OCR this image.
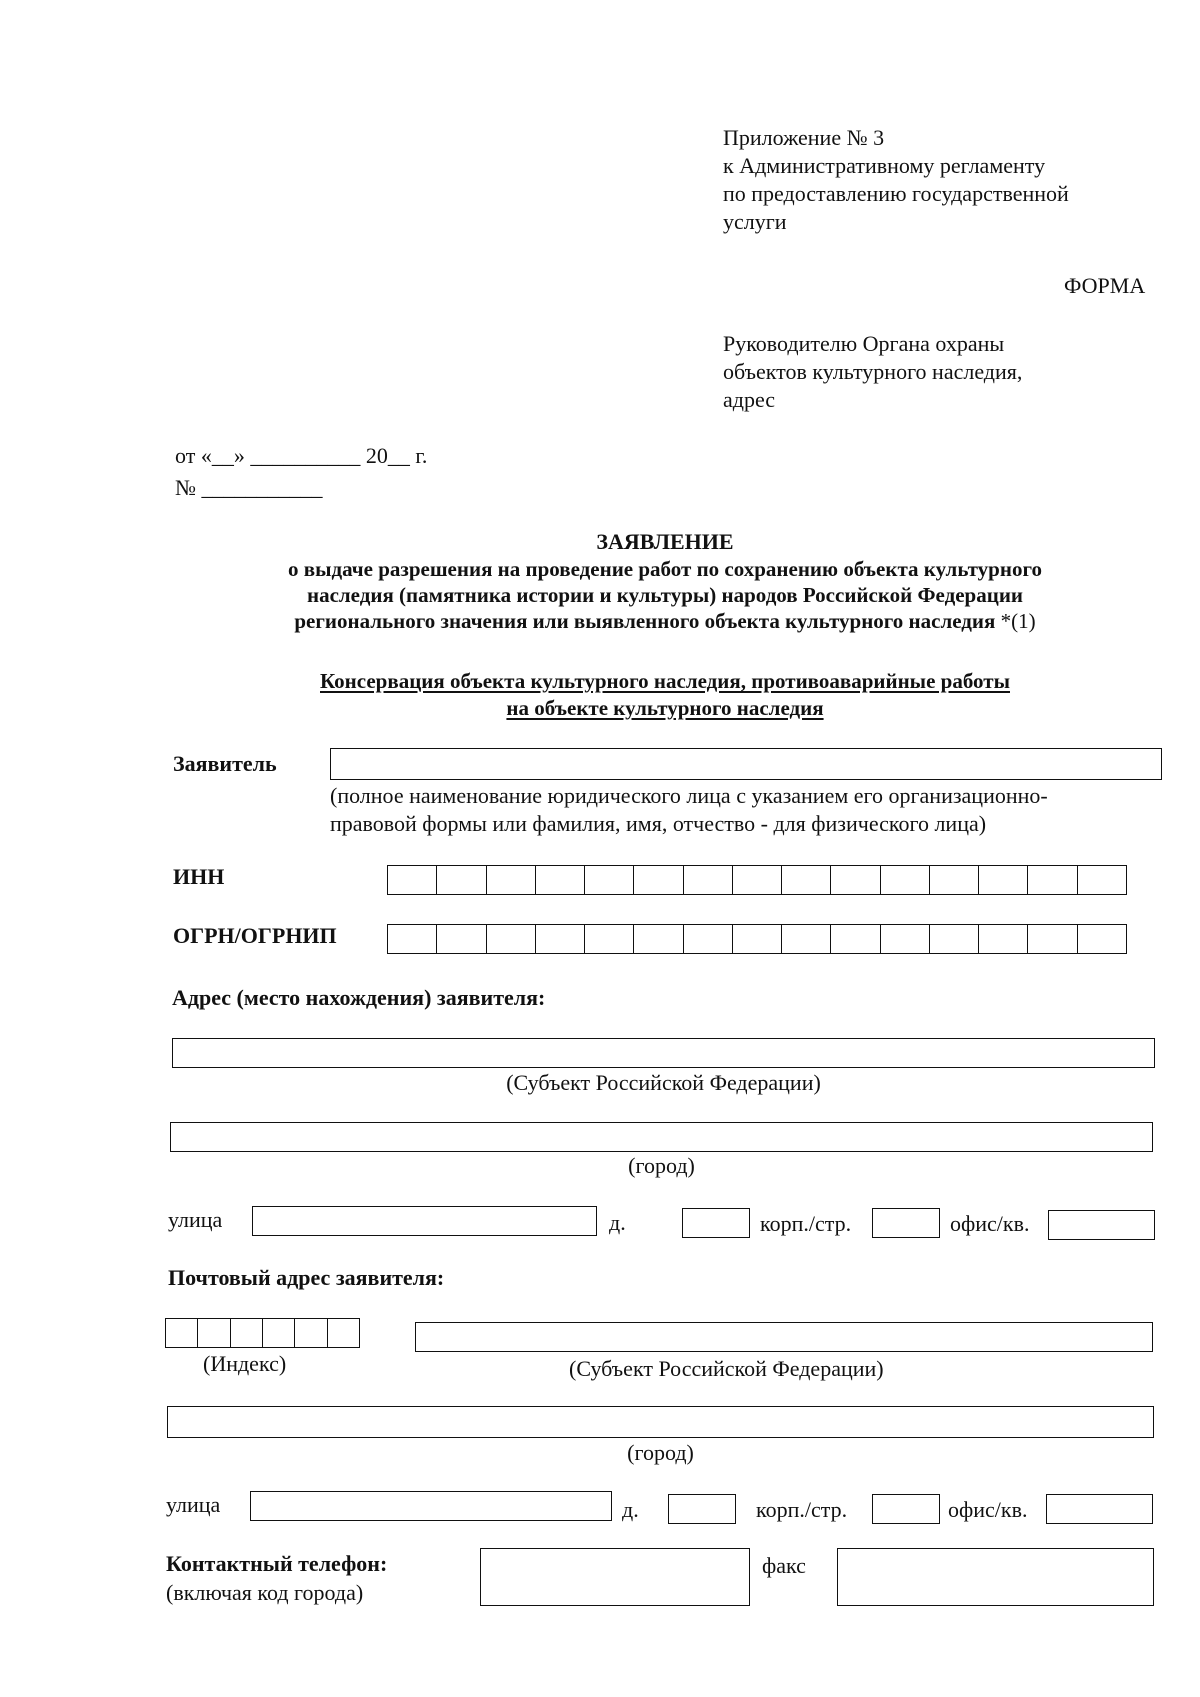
Приложение № 3
к Административному регламенту
по предоставлению государственной
услуги
ФОРМА
Руководителю Органа охраны
объектов культурного наследия,
адрес
от «__» __________ 20__ г.
№ ___________
ЗАЯВЛЕНИЕ
о выдаче разрешения на проведение работ по сохранению объекта культурного
наследия (памятника истории и культуры) народов Российской Федерации
регионального значения или выявленного объекта культурного наследия *(1)
Консервация объекта культурного наследия, противоаварийные работы
на объекте культурного наследия
Заявитель
(полное наименование юридического лица с указанием его организационно-
правовой формы или фамилия, имя, отчество - для физического лица)
ИНН
ОГРН/ОГРНИП
Адрес (место нахождения) заявителя:
(Субъект Российской Федерации)
(город)
улица	д.	корп./стр.	офис/кв.
Почтовый адрес заявителя:
(Индекс)	(Субъект Российской Федерации)
(город)
улица	д.	корп./стр.	офис/кв.
Контактный телефон:
(включая код города)
факс
